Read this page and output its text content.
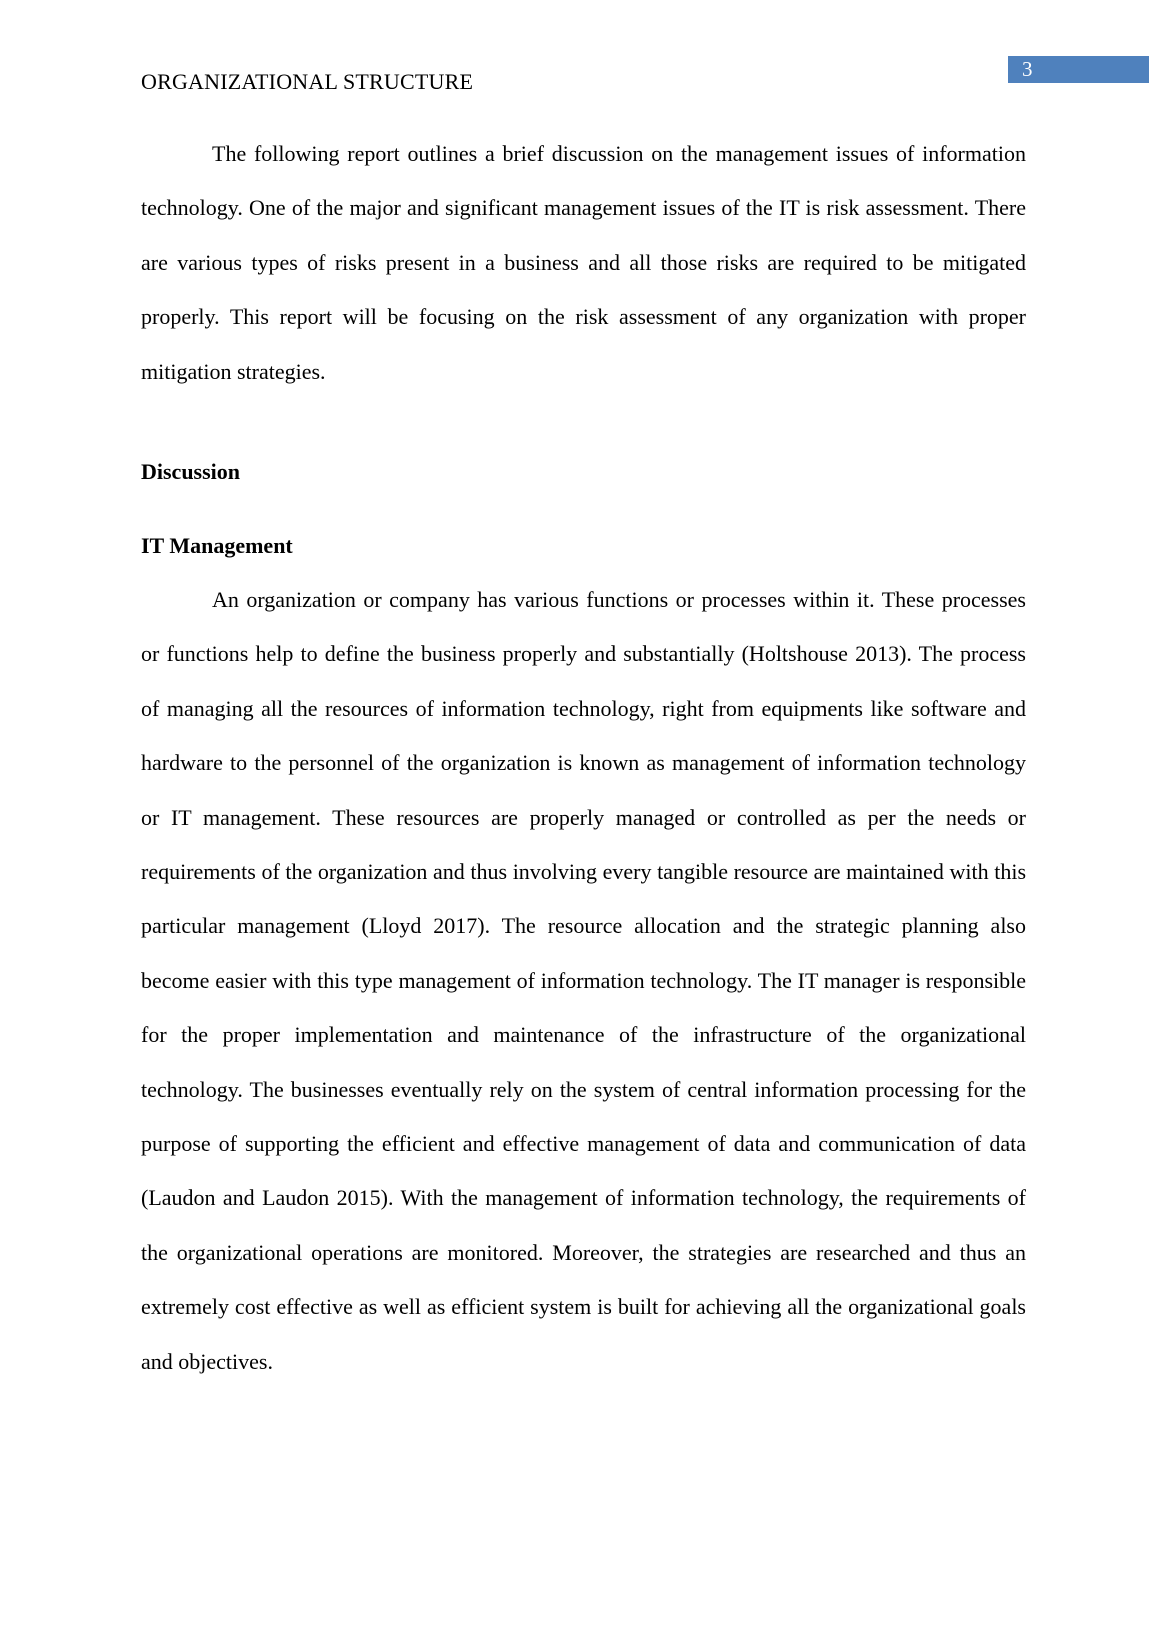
ORGANIZATIONAL STRUCTURE	3

The following report outlines a brief discussion on the management issues of information technology. One of the major and significant management issues of the IT is risk assessment. There are various types of risks present in a business and all those risks are required to be mitigated properly. This report will be focusing on the risk assessment of any organization with proper mitigation strategies.

Discussion
IT Management

An organization or company has various functions or processes within it. These processes or functions help to define the business properly and substantially (Holtshouse 2013). The process of managing all the resources of information technology, right from equipments like software and hardware to the personnel of the organization is known as management of information technology or IT management. These resources are properly managed or controlled as per the needs or requirements of the organization and thus involving every tangible resource are maintained with this particular management (Lloyd 2017). The resource allocation and the strategic planning also become easier with this type management of information technology. The IT manager is responsible for the proper implementation and maintenance of the infrastructure of the organizational technology. The businesses eventually rely on the system of central information processing for the purpose of supporting the efficient and effective management of data and communication of data (Laudon and Laudon 2015). With the management of information technology, the requirements of the organizational operations are monitored. Moreover, the strategies are researched and thus an extremely cost effective as well as efficient system is built for achieving all the organizational goals and objectives.
